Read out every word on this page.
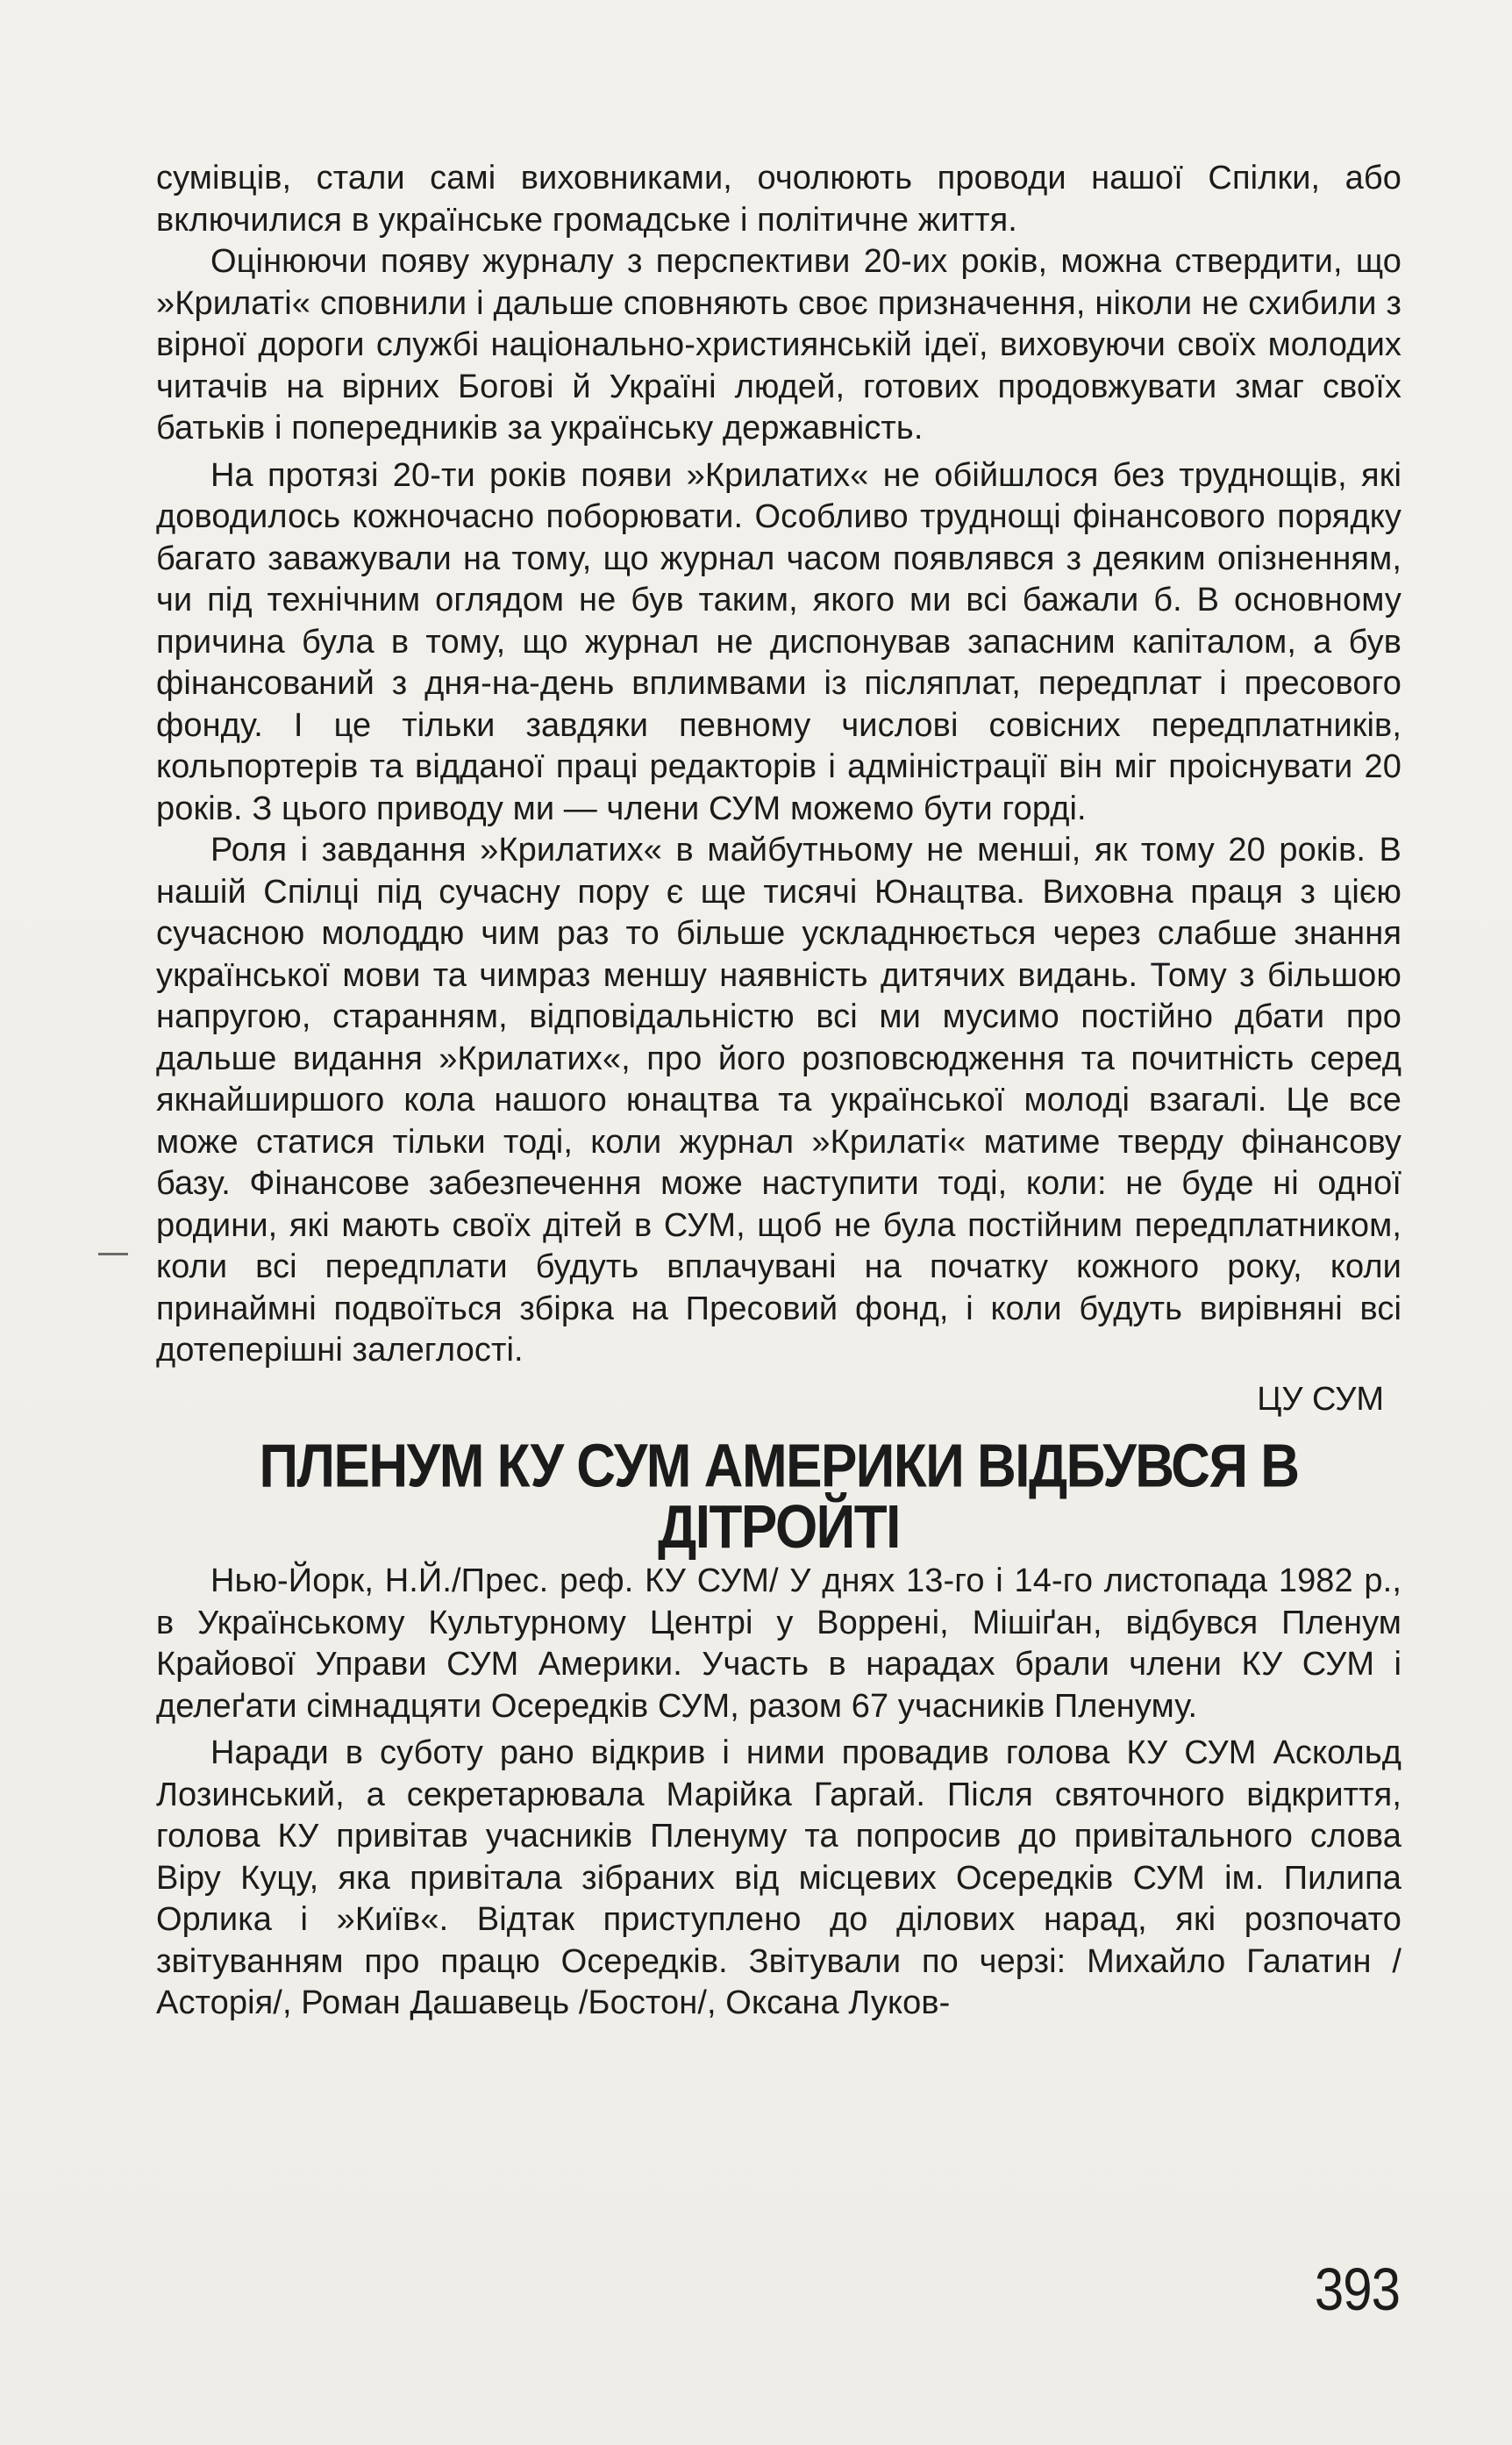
сумівців, стали самі виховниками, очолюють проводи нашої Спілки, або включилися в українське громадське і політичне життя.

Оцінюючи появу журналу з перспективи 20-их років, можна ствердити, що »Крилаті« сповнили і дальше сповняють своє призначення, ніколи не схибили з вірної дороги службі національно-християнській ідеї, виховуючи своїх молодих читачів на вірних Богові й Україні людей, готових продовжувати змаг своїх батьків і попередників за українську державність.

На протязі 20-ти років появи »Крилатих« не обійшлося без труднощів, які доводилось кожночасно поборювати. Особливо труднощі фінансового порядку багато заважували на тому, що журнал часом появлявся з деяким опізненням, чи під технічним оглядом не був таким, якого ми всі бажали б. В основному причина була в тому, що журнал не диспонував запасним капіталом, а був фінансований з дня-на-день вплимвами із післяплат, передплат і пресового фонду. І це тільки завдяки певному числові совісних передплатників, кольпортерів та відданої праці редакторів і адміністрації він міг проіснувати 20 років. З цього приводу ми — члени СУМ можемо бути горді.

Роля і завдання »Крилатих« в майбутньому не менші, як тому 20 років. В нашій Спілці під сучасну пору є ще тисячі Юнацтва. Виховна праця з цією сучасною молоддю чим раз то більше ускладнюється через слабше знання української мови та чимраз меншу наявність дитячих видань. Тому з більшою напругою, старанням, відповідальністю всі ми мусимо постійно дбати про дальше видання »Крилатих«, про його розповсюдження та почитність серед якнайширшого кола нашого юнацтва та української молоді взагалі. Це все може статися тільки тоді, коли журнал »Крилаті« матиме тверду фінансову базу. Фінансове забезпечення може наступити тоді, коли: не буде ні одної родини, які мають своїх дітей в СУМ, щоб не була постійним передплатником, коли всі передплати будуть вплачувані на початку кожного року, коли принаймні подвоїться збірка на Пресовий фонд, і коли будуть вирівняні всі дотеперішні залеглості.

ЦУ СУМ

ПЛЕНУМ КУ СУМ АМЕРИКИ ВІДБУВСЯ В ДІТРОЙТІ

Нью-Йорк, Н.Й./Прес. реф. КУ СУМ/ У днях 13-го і 14-го листопада 1982 р., в Українському Культурному Центрі у Воррені, Мішіґан, відбувся Пленум Крайової Управи СУМ Америки. Участь в нарадах брали члени КУ СУМ і делеґати сімнадцяти Осередків СУМ, разом 67 учасників Пленуму.

Наради в суботу рано відкрив і ними провадив голова КУ СУМ Аскольд Лозинський, а секретарювала Марійка Гаргай. Після святочного відкриття, голова КУ привітав учасників Пленуму та попросив до привітального слова Віру Куцу, яка привітала зібраних від місцевих Осередків СУМ ім. Пилипа Орлика і »Київ«. Відтак приступлено до ділових нарад, які розпочато звітуванням про працю Осередків. Звітували по черзі: Михайло Галатин /Асторія/, Роман Дашавець /Бостон/, Оксана Луков-

393
